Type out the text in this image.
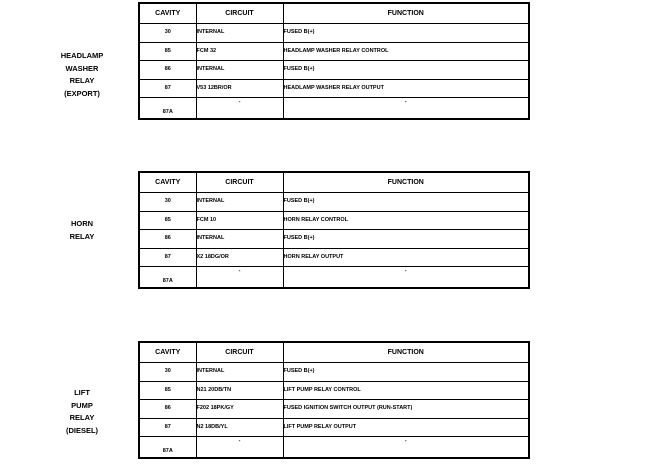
HEADLAMP
WASHER
RELAY
(EXPORT)
CAVITY	CIRCUIT	FUNCTION
30	INTERNAL	FUSED B(+)
85	FCM 32	HEADLAMP WASHER RELAY CONTROL
86	INTERNAL	FUSED B(+)
87	V53 12BR/OR	HEADLAMP WASHER RELAY OUTPUT
87A	-	-
HORN
RELAY
CAVITY	CIRCUIT	FUNCTION
30	INTERNAL	FUSED B(+)
85	FCM 10	HORN RELAY CONTROL
86	INTERNAL	FUSED B(+)
87	X2 18DG/OR	HORN RELAY OUTPUT
87A	-	-
LIFT
PUMP
RELAY
(DIESEL)
CAVITY	CIRCUIT	FUNCTION
30	INTERNAL	FUSED B(+)
85	N21 20DB/TN	LIFT PUMP RELAY CONTROL
86	F202 18PK/GY	FUSED IGNITION SWITCH OUTPUT (RUN-START)
87	N2 18DB/YL	LIFT PUMP RELAY OUTPUT
87A	-	-
